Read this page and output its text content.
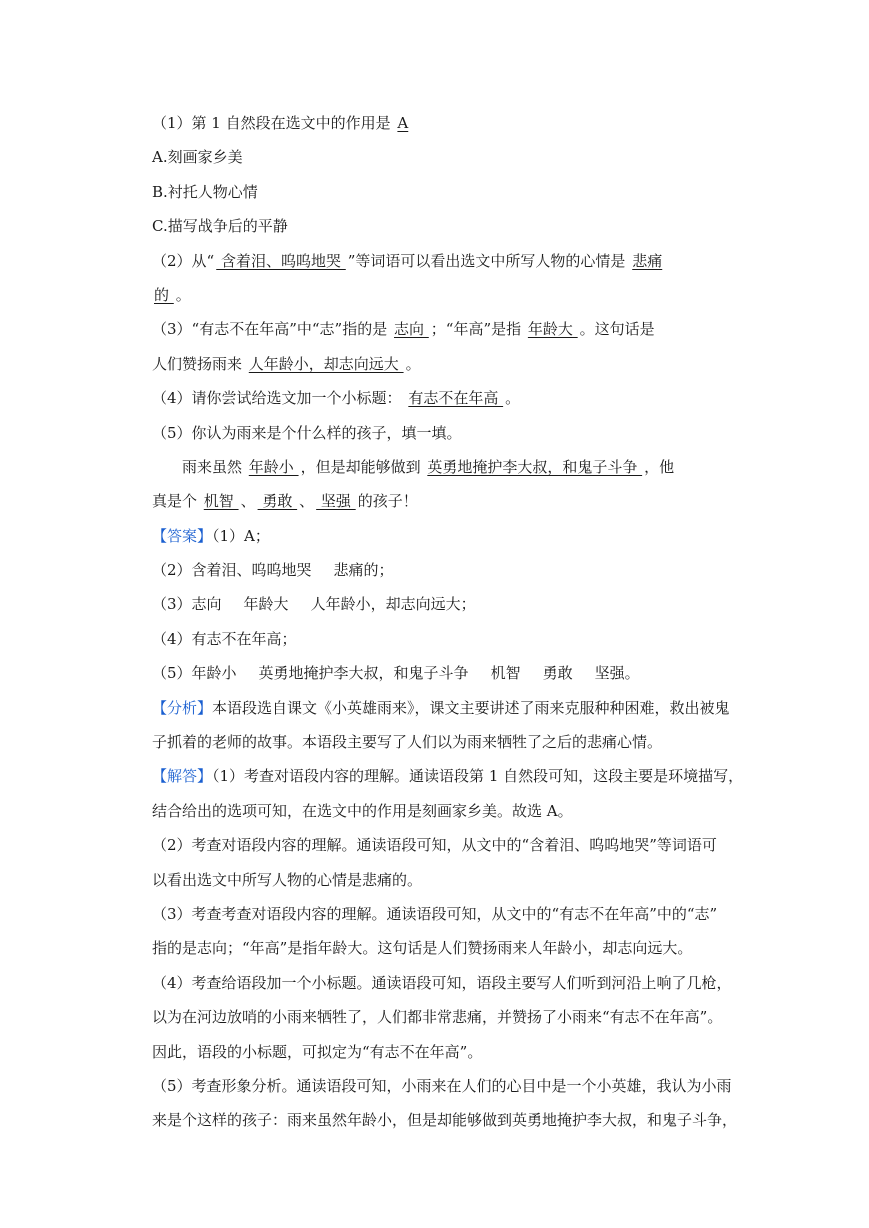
（1）第 1 自然段在选文中的作用是 A
A.刻画家乡美
B.衬托人物心情
C.描写战争后的平静
（2）从“ 含着泪、呜呜地哭 ”等词语可以看出选文中所写人物的心情是 悲痛
的 。
（3）“有志不在年高”中“志”指的是 志向 ；“年高”是指 年龄大 。这句话是
人们赞扬雨来 人年龄小，却志向远大 。
（4）请你尝试给选文加一个小标题： 有志不在年高 。
（5）你认为雨来是个什么样的孩子，填一填。
雨来虽然 年龄小 ，但是却能够做到 英勇地掩护李大叔，和鬼子斗争 ，他
真是个 机智 、 勇敢 、 坚强 的孩子！
【答案】（1）A；
（2）含着泪、呜呜地哭 悲痛的；
（3）志向 年龄大 人年龄小，却志向远大；
（4）有志不在年高；
（5）年龄小 英勇地掩护李大叔，和鬼子斗争 机智 勇敢 坚强。
【分析】本语段选自课文《小英雄雨来》，课文主要讲述了雨来克服种种困难，救出被鬼
子抓着的老师的故事。本语段主要写了人们以为雨来牺牲了之后的悲痛心情。
【解答】（1）考查对语段内容的理解。通读语段第 1 自然段可知，这段主要是环境描写，
结合给出的选项可知，在选文中的作用是刻画家乡美。故选 A。
（2）考查对语段内容的理解。通读语段可知，从文中的“含着泪、呜呜地哭”等词语可
以看出选文中所写人物的心情是悲痛的。
（3）考查考查对语段内容的理解。通读语段可知，从文中的“有志不在年高”中的“志”
指的是志向；“年高”是指年龄大。这句话是人们赞扬雨来人年龄小，却志向远大。
（4）考查给语段加一个小标题。通读语段可知，语段主要写人们听到河沿上响了几枪，
以为在河边放哨的小雨来牺牲了，人们都非常悲痛，并赞扬了小雨来“有志不在年高”。
因此，语段的小标题，可拟定为“有志不在年高”。
（5）考查形象分析。通读语段可知，小雨来在人们的心目中是一个小英雄，我认为小雨
来是个这样的孩子：雨来虽然年龄小，但是却能够做到英勇地掩护李大叔，和鬼子斗争，
